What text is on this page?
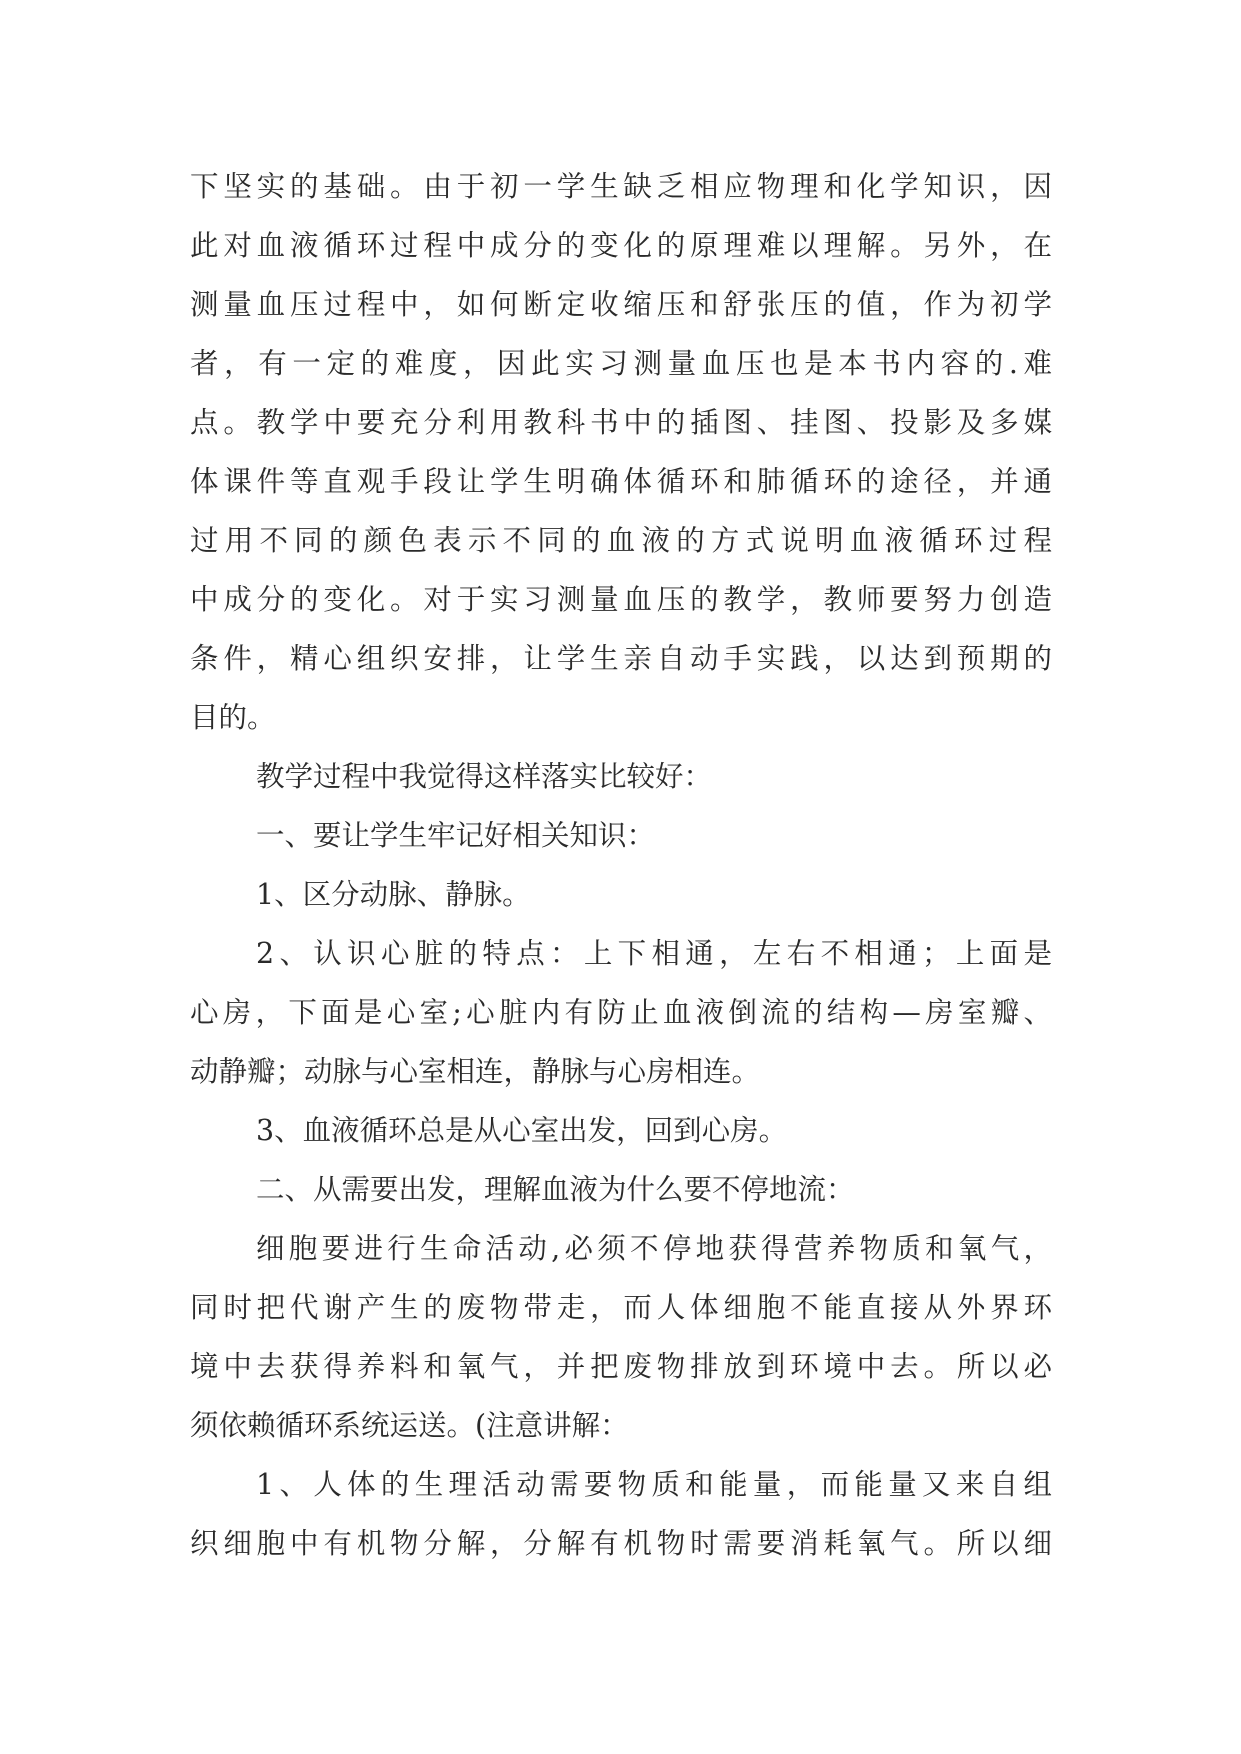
下坚实的基础。由于初一学生缺乏相应物理和化学知识，因
此对血液循环过程中成分的变化的原理难以理解。另外，在
测量血压过程中，如何断定收缩压和舒张压的值，作为初学
者，有一定的难度，因此实习测量血压也是本书内容的.难
点。教学中要充分利用教科书中的插图、挂图、投影及多媒
体课件等直观手段让学生明确体循环和肺循环的途径，并通
过用不同的颜色表示不同的血液的方式说明血液循环过程
中成分的变化。对于实习测量血压的教学，教师要努力创造
条件，精心组织安排，让学生亲自动手实践，以达到预期的
目的。
教学过程中我觉得这样落实比较好：
一、要让学生牢记好相关知识：
1、区分动脉、静脉。
2、认识心脏的特点：上下相通，左右不相通；上面是
心房，下面是心室;心脏内有防止血液倒流的结构—房室瓣、
动静瓣；动脉与心室相连，静脉与心房相连。
3、血液循环总是从心室出发，回到心房。
二、从需要出发，理解血液为什么要不停地流：
细胞要进行生命活动,必须不停地获得营养物质和氧气，
同时把代谢产生的废物带走，而人体细胞不能直接从外界环
境中去获得养料和氧气，并把废物排放到环境中去。所以必
须依赖循环系统运送。(注意讲解：
1、人体的生理活动需要物质和能量，而能量又来自组
织细胞中有机物分解，分解有机物时需要消耗氧气。所以细
